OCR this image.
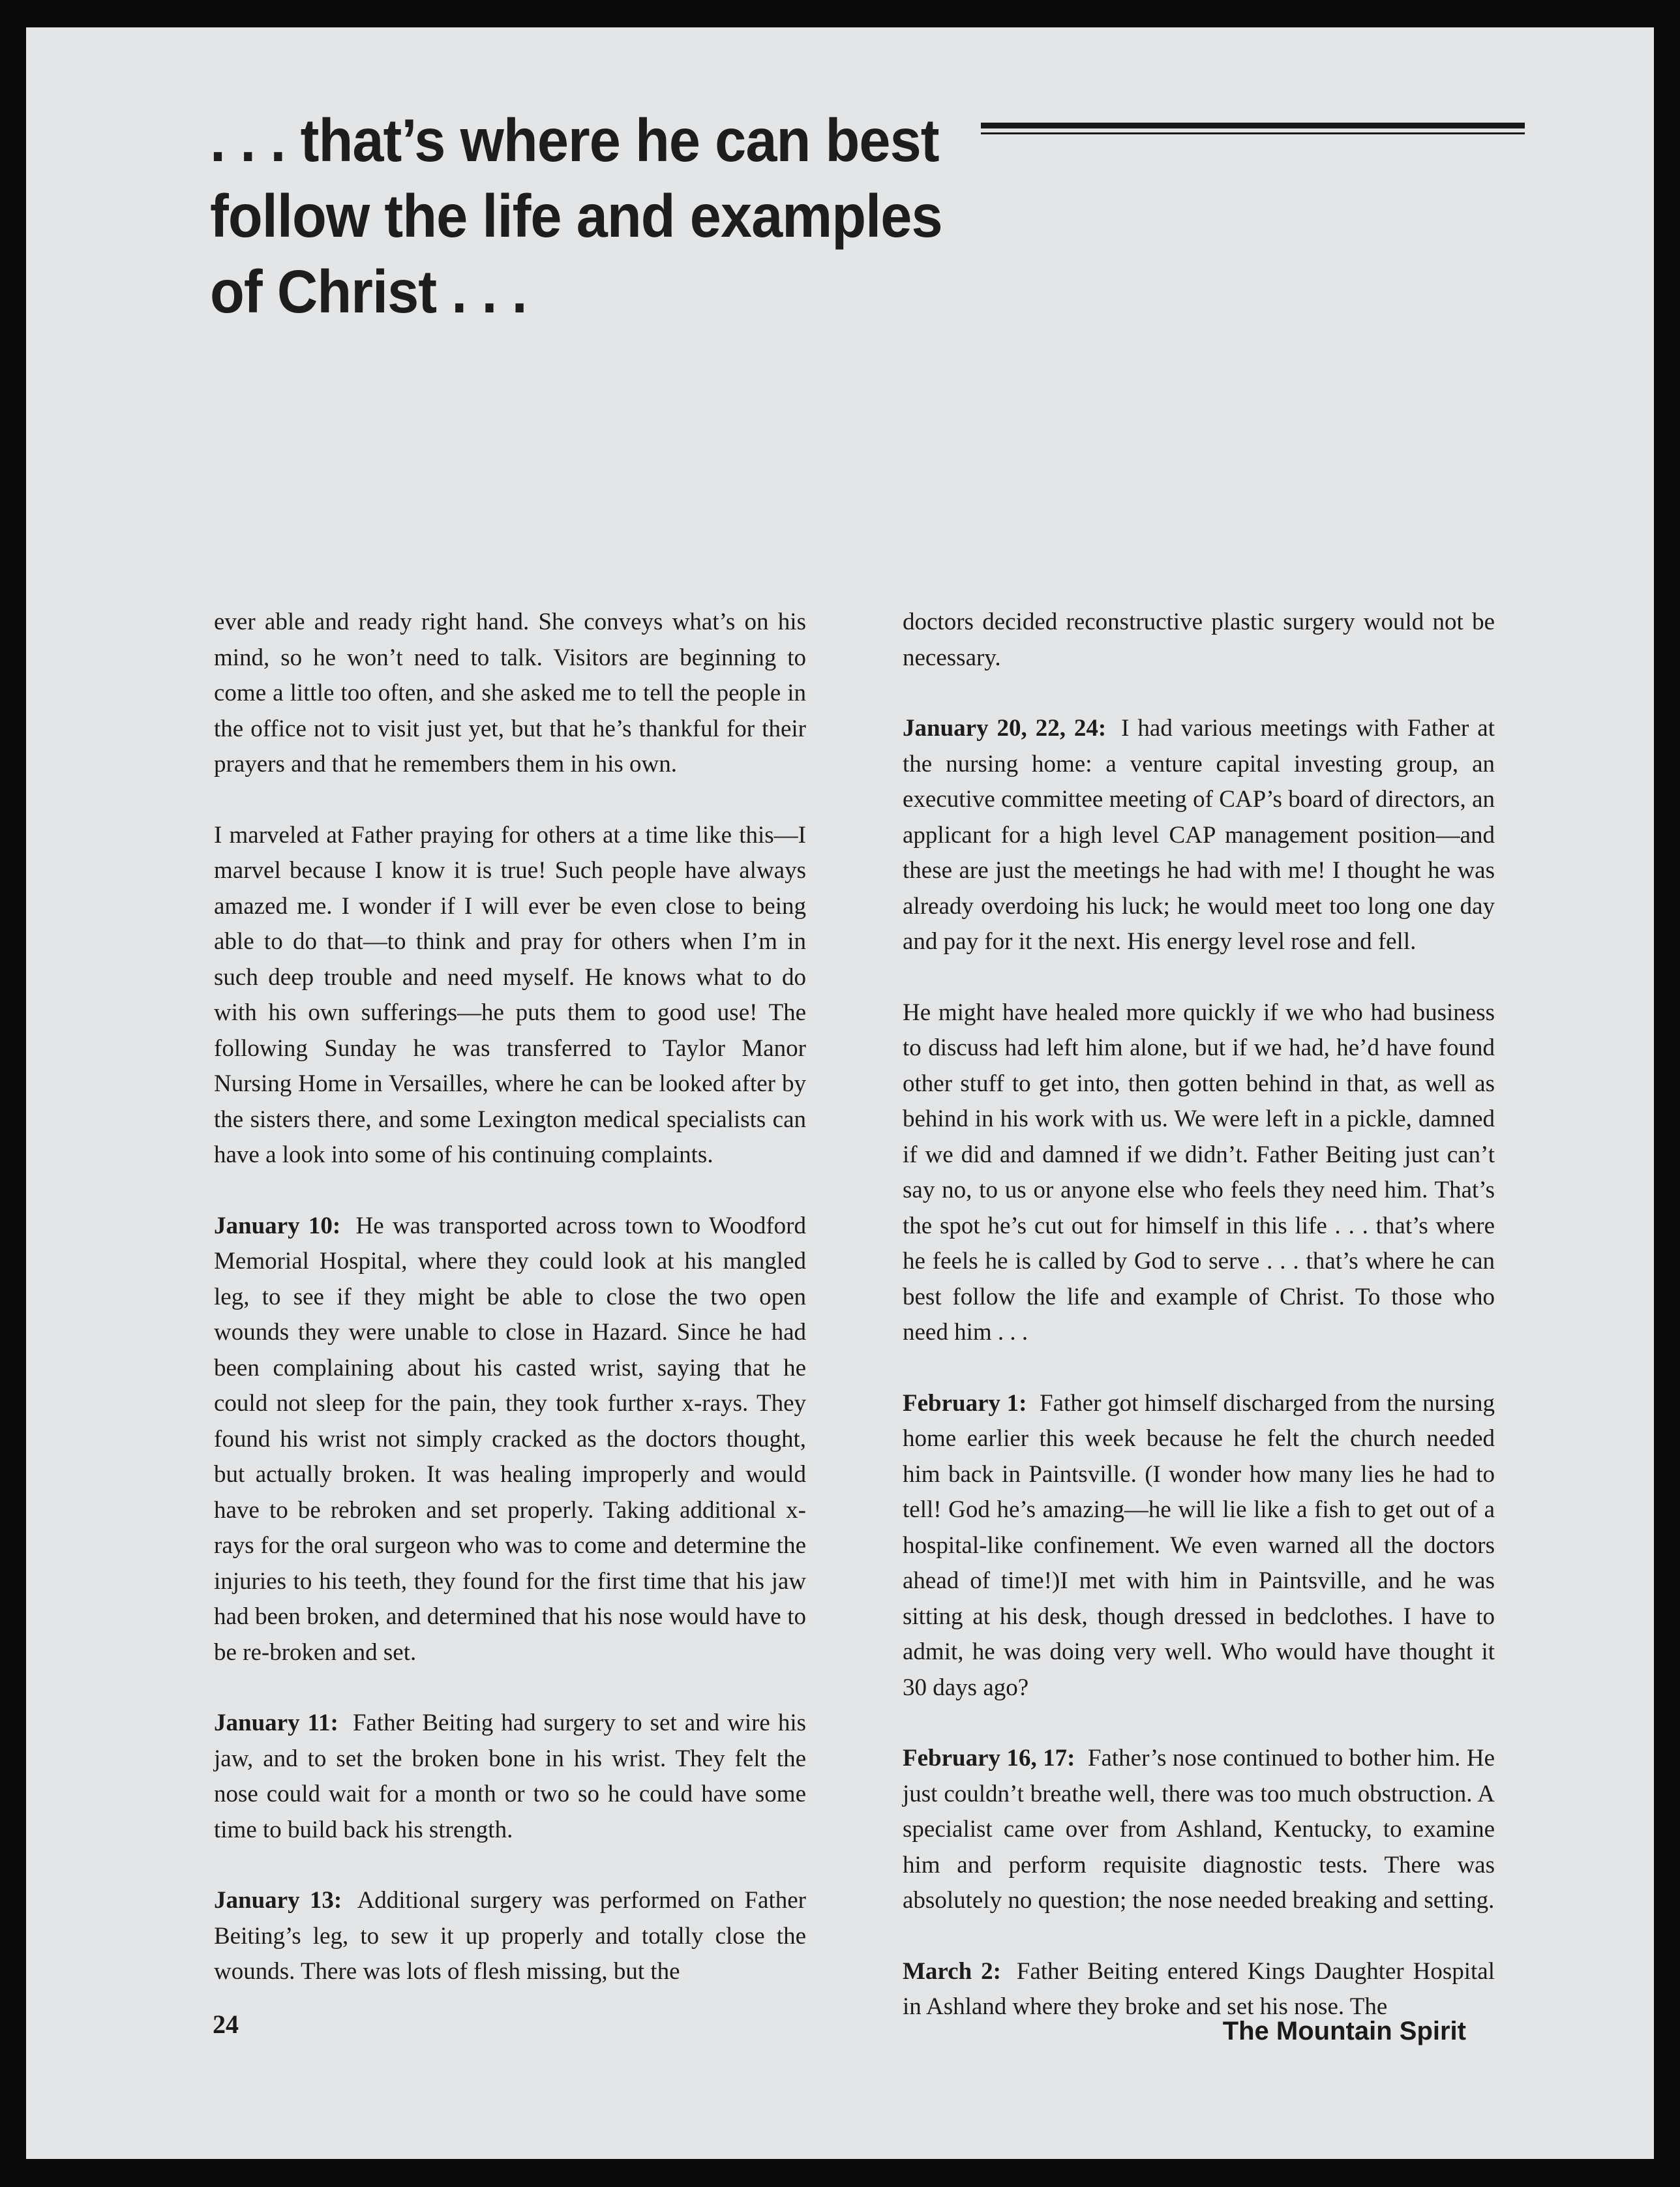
. . . that’s where he can best
follow the life and examples
of Christ . . .

ever able and ready right hand. She conveys what’s on his mind, so he won’t need to talk. Visitors are beginning to come a little too often, and she asked me to tell the people in the office not to visit just yet, but that he’s thankful for their prayers and that he remembers them in his own.

I marveled at Father praying for others at a time like this—I marvel because I know it is true! Such people have always amazed me. I wonder if I will ever be even close to being able to do that—to think and pray for others when I’m in such deep trouble and need myself. He knows what to do with his own sufferings—he puts them to good use! The following Sunday he was transferred to Taylor Manor Nursing Home in Versailles, where he can be looked after by the sisters there, and some Lexington medical specialists can have a look into some of his continuing complaints.

January 10: He was transported across town to Woodford Memorial Hospital, where they could look at his mangled leg, to see if they might be able to close the two open wounds they were unable to close in Hazard. Since he had been complaining about his casted wrist, saying that he could not sleep for the pain, they took further x-rays. They found his wrist not simply cracked as the doctors thought, but actually broken. It was healing improperly and would have to be rebroken and set properly. Taking additional x-rays for the oral surgeon who was to come and determine the injuries to his teeth, they found for the first time that his jaw had been broken, and determined that his nose would have to be re-broken and set.

January 11: Father Beiting had surgery to set and wire his jaw, and to set the broken bone in his wrist. They felt the nose could wait for a month or two so he could have some time to build back his strength.

January 13: Additional surgery was performed on Father Beiting’s leg, to sew it up properly and totally close the wounds. There was lots of flesh missing, but the

doctors decided reconstructive plastic surgery would not be necessary.

January 20, 22, 24: I had various meetings with Father at the nursing home: a venture capital investing group, an executive committee meeting of CAP’s board of directors, an applicant for a high level CAP management position—and these are just the meetings he had with me! I thought he was already overdoing his luck; he would meet too long one day and pay for it the next. His energy level rose and fell.

He might have healed more quickly if we who had business to discuss had left him alone, but if we had, he’d have found other stuff to get into, then gotten behind in that, as well as behind in his work with us. We were left in a pickle, damned if we did and damned if we didn’t. Father Beiting just can’t say no, to us or anyone else who feels they need him. That’s the spot he’s cut out for himself in this life . . . that’s where he feels he is called by God to serve . . . that’s where he can best follow the life and example of Christ. To those who need him . . .

February 1: Father got himself discharged from the nursing home earlier this week because he felt the church needed him back in Paintsville. (I wonder how many lies he had to tell! God he’s amazing—he will lie like a fish to get out of a hospital-like confinement. We even warned all the doctors ahead of time!)I met with him in Paintsville, and he was sitting at his desk, though dressed in bedclothes. I have to admit, he was doing very well. Who would have thought it 30 days ago?

February 16, 17: Father’s nose continued to bother him. He just couldn’t breathe well, there was too much obstruction. A specialist came over from Ashland, Kentucky, to examine him and perform requisite diagnostic tests. There was absolutely no question; the nose needed breaking and setting.

March 2: Father Beiting entered Kings Daughter Hospital in Ashland where they broke and set his nose. The

24	The Mountain Spirit
